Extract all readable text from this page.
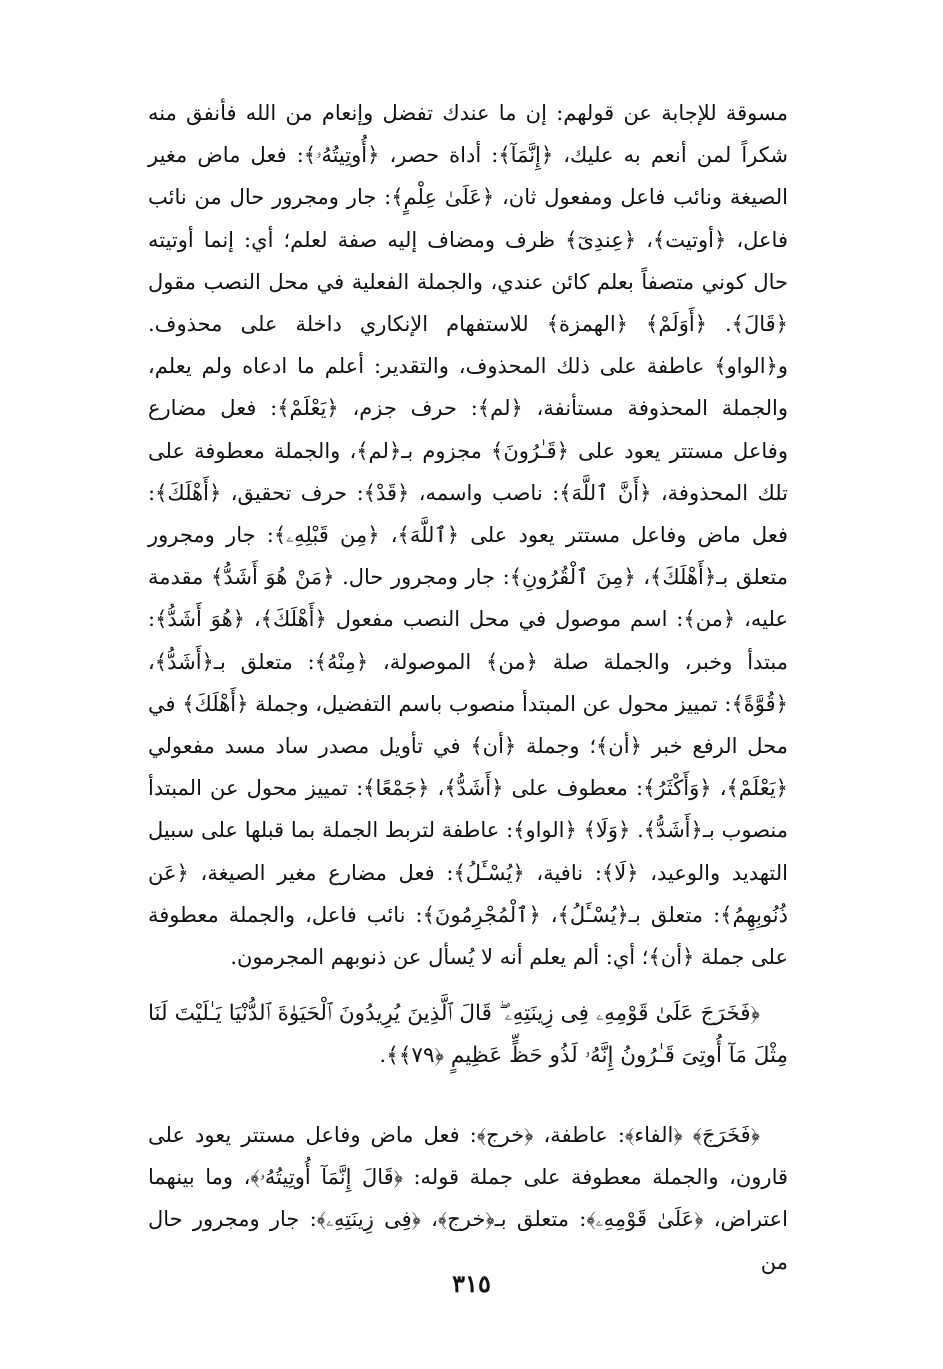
مسوقة للإجابة عن قولهم: إن ما عندك تفضل وإنعام من الله فأنفق منه شكراً لمن أنعم به عليك، ﴿إِنَّمَآ﴾: أداة حصر، ﴿أُوتِيتُهُۥ﴾: فعل ماض مغير الصيغة ونائب فاعل ومفعول ثان، ﴿عَلَىٰ عِلْمٍ﴾: جار ومجرور حال من نائب فاعل، ﴿أوتيت﴾، ﴿عِندِىٓ﴾ ظرف ومضاف إليه صفة لعلم؛ أي: إنما أوتيته حال كوني متصفاً بعلم كائن عندي، والجملة الفعلية في محل النصب مقول ﴿قَالَ﴾. ﴿أَوَلَمْ﴾ ﴿الهمزة﴾ للاستفهام الإنكاري داخلة على محذوف. و﴿الواو﴾ عاطفة على ذلك المحذوف، والتقدير: أعلم ما ادعاه ولم يعلم، والجملة المحذوفة مستأنفة، ﴿لم﴾: حرف جزم، ﴿يَعْلَمْ﴾: فعل مضارع وفاعل مستتر يعود على ﴿قَـٰرُونَ﴾ مجزوم بـ﴿لم﴾، والجملة معطوفة على تلك المحذوفة، ﴿أَنَّ ٱللَّهَ﴾: ناصب واسمه، ﴿قَدْ﴾: حرف تحقيق، ﴿أَهْلَكَ﴾: فعل ماض وفاعل مستتر يعود على ﴿ٱللَّهَ﴾، ﴿مِن قَبْلِهِۦ﴾: جار ومجرور متعلق بـ﴿أَهْلَكَ﴾، ﴿مِنَ ٱلْقُرُونِ﴾: جار ومجرور حال. ﴿مَنْ هُوَ أَشَدُّ﴾ مقدمة عليه، ﴿من﴾: اسم موصول في محل النصب مفعول ﴿أَهْلَكَ﴾، ﴿هُوَ أَشَدُّ﴾: مبتدأ وخبر، والجملة صلة ﴿من﴾ الموصولة، ﴿مِنْهُ﴾: متعلق بـ﴿أَشَدُّ﴾، ﴿قُوَّةً﴾: تمييز محول عن المبتدأ منصوب باسم التفضيل، وجملة ﴿أَهْلَكَ﴾ في محل الرفع خبر ﴿أن﴾؛ وجملة ﴿أن﴾ في تأويل مصدر ساد مسد مفعولي ﴿يَعْلَمْ﴾، ﴿وَأَكْثَرُ﴾: معطوف على ﴿أَشَدُّ﴾، ﴿جَمْعًا﴾: تمييز محول عن المبتدأ منصوب بـ﴿أَشَدُّ﴾. ﴿وَلَا﴾ ﴿الواو﴾: عاطفة لتربط الجملة بما قبلها على سبيل التهديد والوعيد، ﴿لَا﴾: نافية، ﴿يُسْـَٔلُ﴾: فعل مضارع مغير الصيغة، ﴿عَن ذُنُوبِهِمُ﴾: متعلق بـ﴿يُسْـَٔلُ﴾، ﴿ٱلْمُجْرِمُونَ﴾: نائب فاعل، والجملة معطوفة على جملة ﴿أن﴾؛ أي: ألم يعلم أنه لا يُسأل عن ذنوبهم المجرمون.

﴿فَخَرَجَ عَلَىٰ قَوْمِهِۦ فِى زِينَتِهِۦ ۖ قَالَ ٱلَّذِينَ يُرِيدُونَ ٱلْحَيَوٰةَ ٱلدُّنْيَا يَـٰلَيْتَ لَنَا مِثْلَ مَآ أُوتِىَ قَـٰرُونُ إِنَّهُۥ لَذُو حَظٍّ عَظِيمٍ ﴿٧٩﴾﴾.

﴿فَخَرَجَ﴾ ﴿الفاء﴾: عاطفة، ﴿خرج﴾: فعل ماض وفاعل مستتر يعود على قارون، والجملة معطوفة على جملة قوله: ﴿قَالَ إِنَّمَآ أُوتِيتُهُۥ﴾، وما بينهما اعتراض، ﴿عَلَىٰ قَوْمِهِۦ﴾: متعلق بـ﴿خرج﴾، ﴿فِى زِينَتِهِۦ﴾: جار ومجرور حال من

٣١٥
